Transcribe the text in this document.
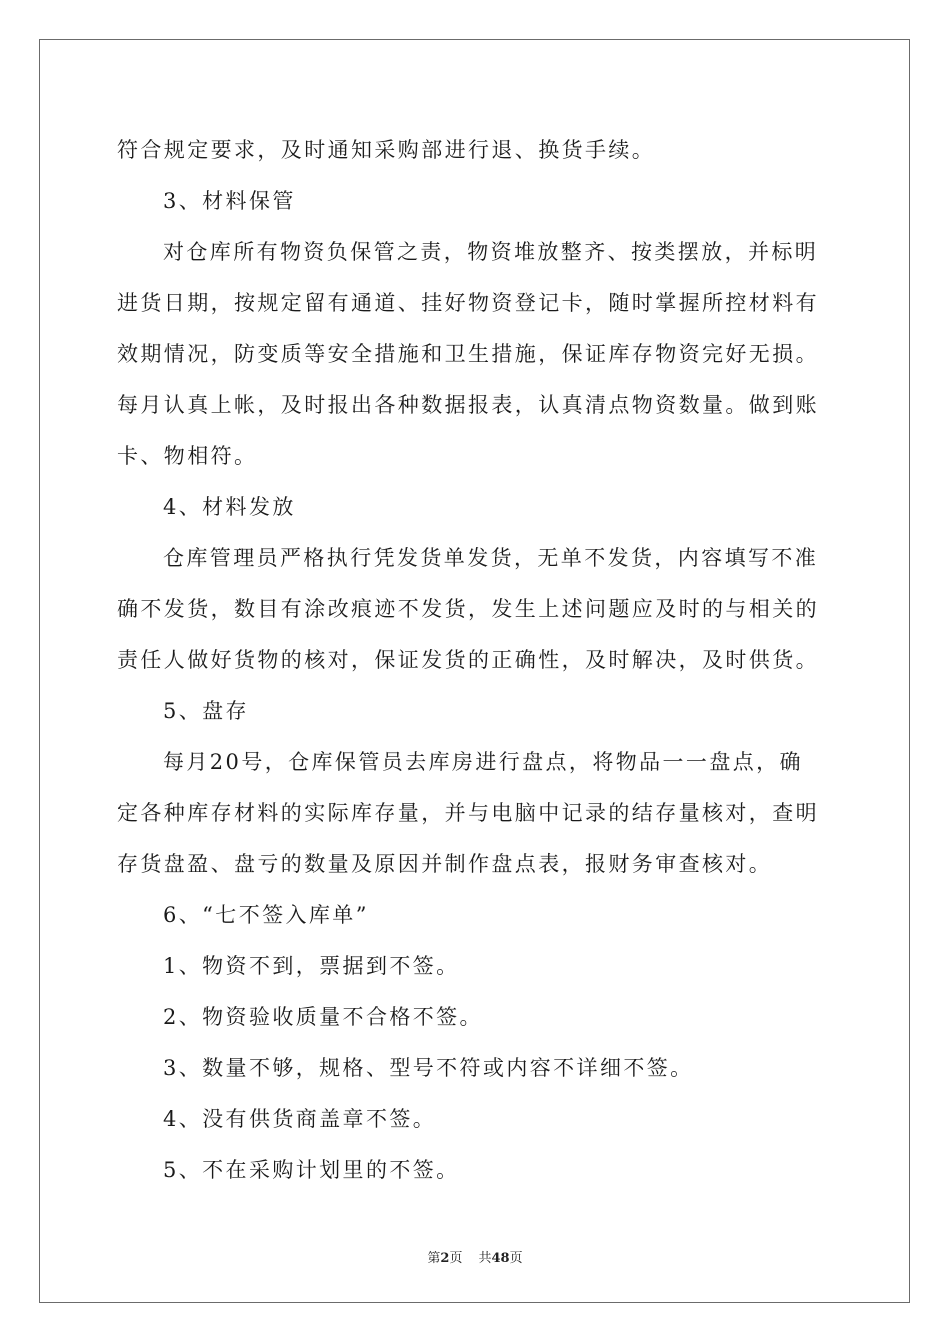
符合规定要求，及时通知采购部进行退、换货手续。
3、材料保管
对仓库所有物资负保管之责，物资堆放整齐、按类摆放，并标明
进货日期，按规定留有通道、挂好物资登记卡，随时掌握所控材料有
效期情况，防变质等安全措施和卫生措施，保证库存物资完好无损。
每月认真上帐，及时报出各种数据报表，认真清点物资数量。做到账
卡、物相符。
4、材料发放
仓库管理员严格执行凭发货单发货，无单不发货，内容填写不准
确不发货，数目有涂改痕迹不发货，发生上述问题应及时的与相关的
责任人做好货物的核对，保证发货的正确性，及时解决，及时供货。
5、盘存
每月20号，仓库保管员去库房进行盘点，将物品一一盘点，确
定各种库存材料的实际库存量，并与电脑中记录的结存量核对，查明
存货盘盈、盘亏的数量及原因并制作盘点表，报财务审查核对。
6、“七不签入库单”
1、物资不到，票据到不签。
2、物资验收质量不合格不签。
3、数量不够，规格、型号不符或内容不详细不签。
4、没有供货商盖章不签。
5、不在采购计划里的不签。
第2页 共48页
